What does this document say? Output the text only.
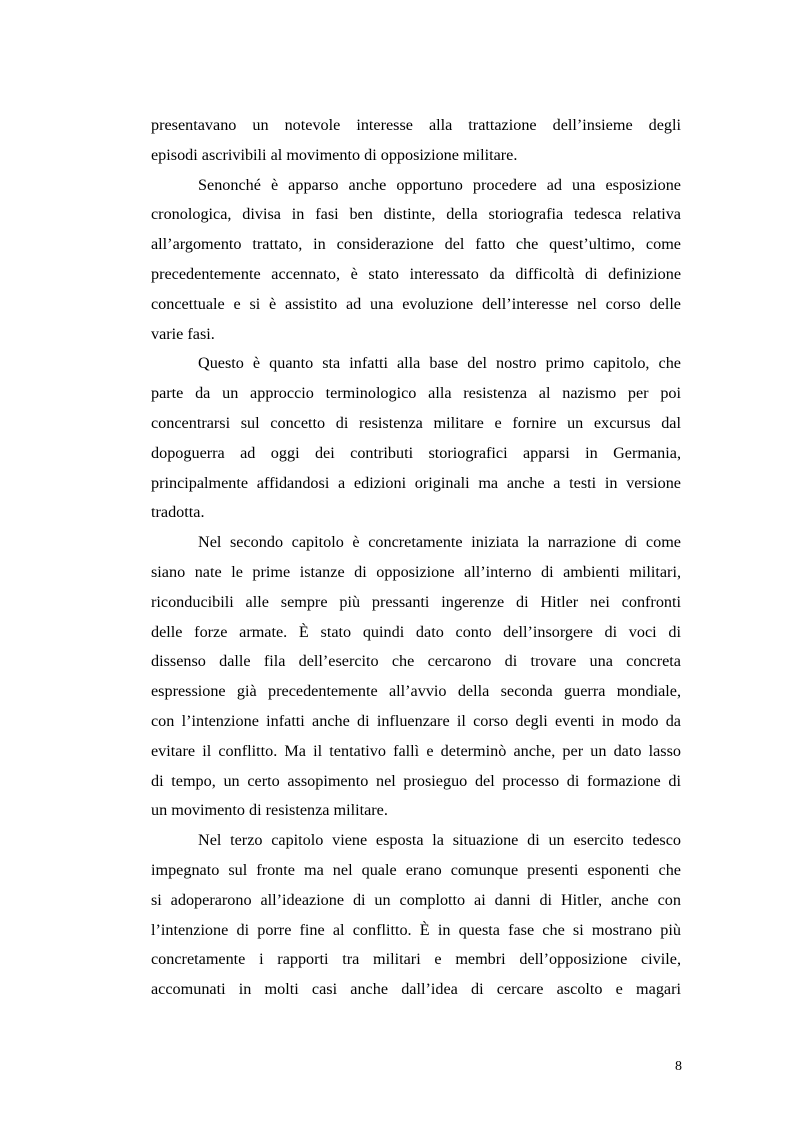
presentavano un notevole interesse alla trattazione dell’insieme degli
episodi ascrivibili al movimento di opposizione militare.
Senonché è apparso anche opportuno procedere ad una esposizione
cronologica, divisa in fasi ben distinte, della storiografia tedesca relativa
all’argomento trattato, in considerazione del fatto che quest’ultimo, come
precedentemente accennato, è stato interessato da difficoltà di definizione
concettuale e si è assistito ad una evoluzione dell’interesse nel corso delle
varie fasi.
Questo è quanto sta infatti alla base del nostro primo capitolo, che
parte da un approccio terminologico alla resistenza al nazismo per poi
concentrarsi sul concetto di resistenza militare e fornire un excursus dal
dopoguerra ad oggi dei contributi storiografici apparsi in Germania,
principalmente affidandosi a edizioni originali ma anche a testi in versione
tradotta.
Nel secondo capitolo è concretamente iniziata la narrazione di come
siano nate le prime istanze di opposizione all’interno di ambienti militari,
riconducibili alle sempre più pressanti ingerenze di Hitler nei confronti
delle forze armate. È stato quindi dato conto dell’insorgere di voci di
dissenso dalle fila dell’esercito che cercarono di trovare una concreta
espressione già precedentemente all’avvio della seconda guerra mondiale,
con l’intenzione infatti anche di influenzare il corso degli eventi in modo da
evitare il conflitto. Ma il tentativo fallì e determinò anche, per un dato lasso
di tempo, un certo assopimento nel prosieguo del processo di formazione di
un movimento di resistenza militare.
Nel terzo capitolo viene esposta la situazione di un esercito tedesco
impegnato sul fronte ma nel quale erano comunque presenti esponenti che
si adoperarono all’ideazione di un complotto ai danni di Hitler, anche con
l’intenzione di porre fine al conflitto. È in questa fase che si mostrano più
concretamente i rapporti tra militari e membri dell’opposizione civile,
accomunati in molti casi anche dall’idea di cercare ascolto e magari
8
